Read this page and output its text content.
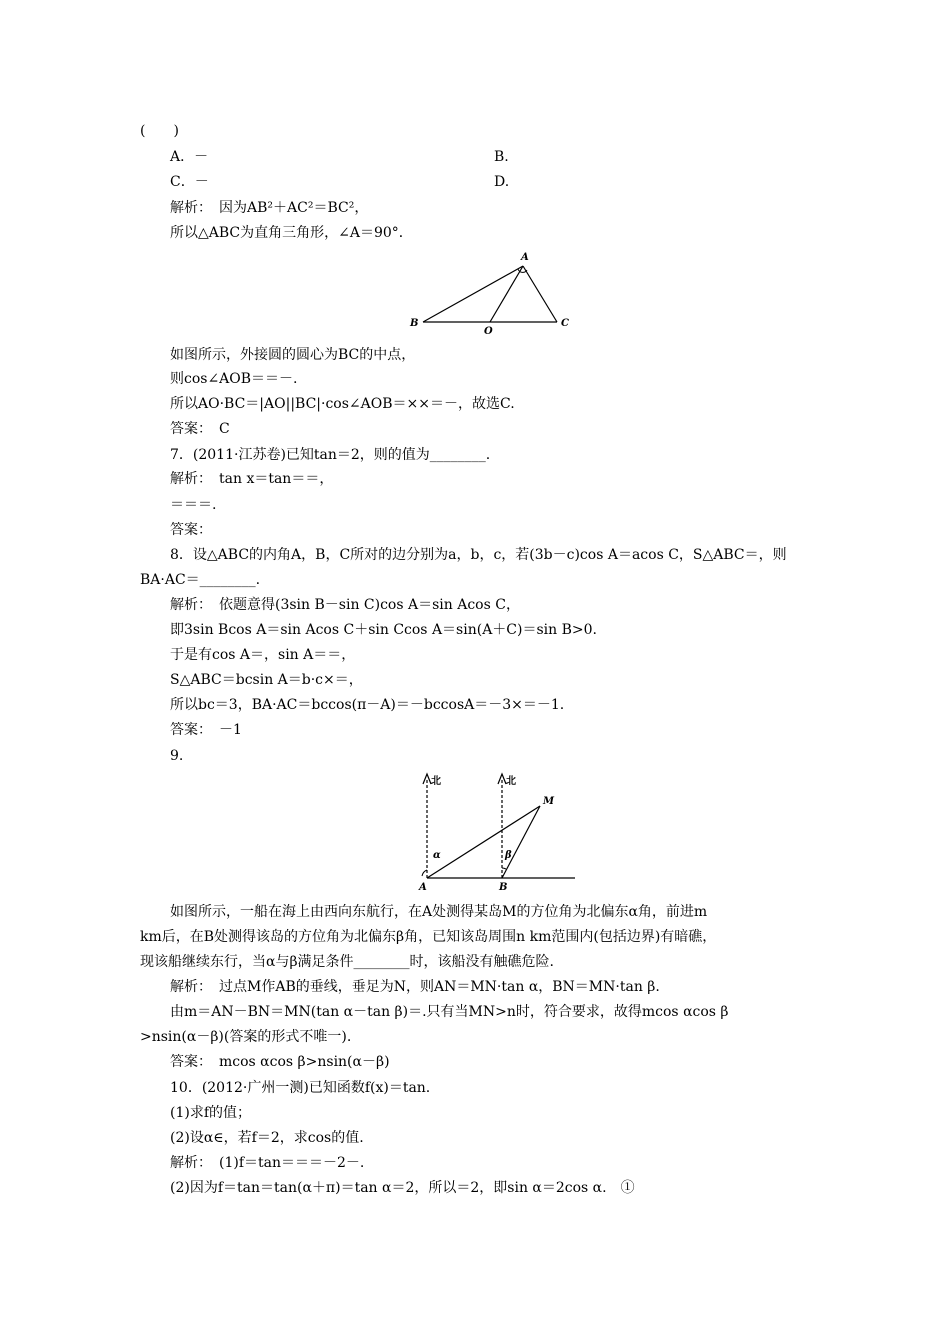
(　　)
A．－	B.
C．－	D.
解析：　因为AB²＋AC²＝BC²，
所以△ABC为直角三角形，∠A＝90°．
A
B
O
C
如图所示，外接圆的圆心为BC的中点，
则cos∠AOB＝＝－.
所以AO·BC＝|AO||BC|·cos∠AOB＝××＝－，故选C.
答案：　C
7．(2011·江苏卷)已知tan＝2，则的值为________.
解析：　tan x＝tan＝＝，
＝＝＝.
答案：
8．设△ABC的内角A，B，C所对的边分别为a，b，c，若(3b－c)cos A＝acos C，S△ABC＝，则
BA·AC＝________.
解析：　依题意得(3sin B－sin C)cos A＝sin Acos C，
即3sin Bcos A＝sin Acos C＋sin Ccos A＝sin(A＋C)＝sin B>0.
于是有cos A＝，sin A＝＝，
S△ABC＝bcsin A＝b·c×＝，
所以bc＝3，BA·AC＝bccos(π－A)＝－bccosA＝－3×＝－1.
答案：　－1
9.
北	北
M
α	β
A	B
如图所示，一船在海上由西向东航行，在A处测得某岛M的方位角为北偏东α角，前进m
km后，在B处测得该岛的方位角为北偏东β角，已知该岛周围n km范围内(包括边界)有暗礁，
现该船继续东行，当α与β满足条件________时，该船没有触礁危险.
解析：　过点M作AB的垂线，垂足为N，则AN＝MN·tan α，BN＝MN·tan β.
由m＝AN－BN＝MN(tan α－tan β)＝.只有当MN>n时，符合要求，故得mcos αcos β
>nsin(α－β)(答案的形式不唯一).
答案：　mcos αcos β>nsin(α－β)
10．(2012·广州一测)已知函数f(x)＝tan.
(1)求f的值；
(2)设α∈，若f＝2，求cos的值.
解析：　(1)f＝tan＝＝＝－2－.
(2)因为f＝tan＝tan(α＋π)＝tan α＝2，所以＝2，即sin α＝2cos α.　①
